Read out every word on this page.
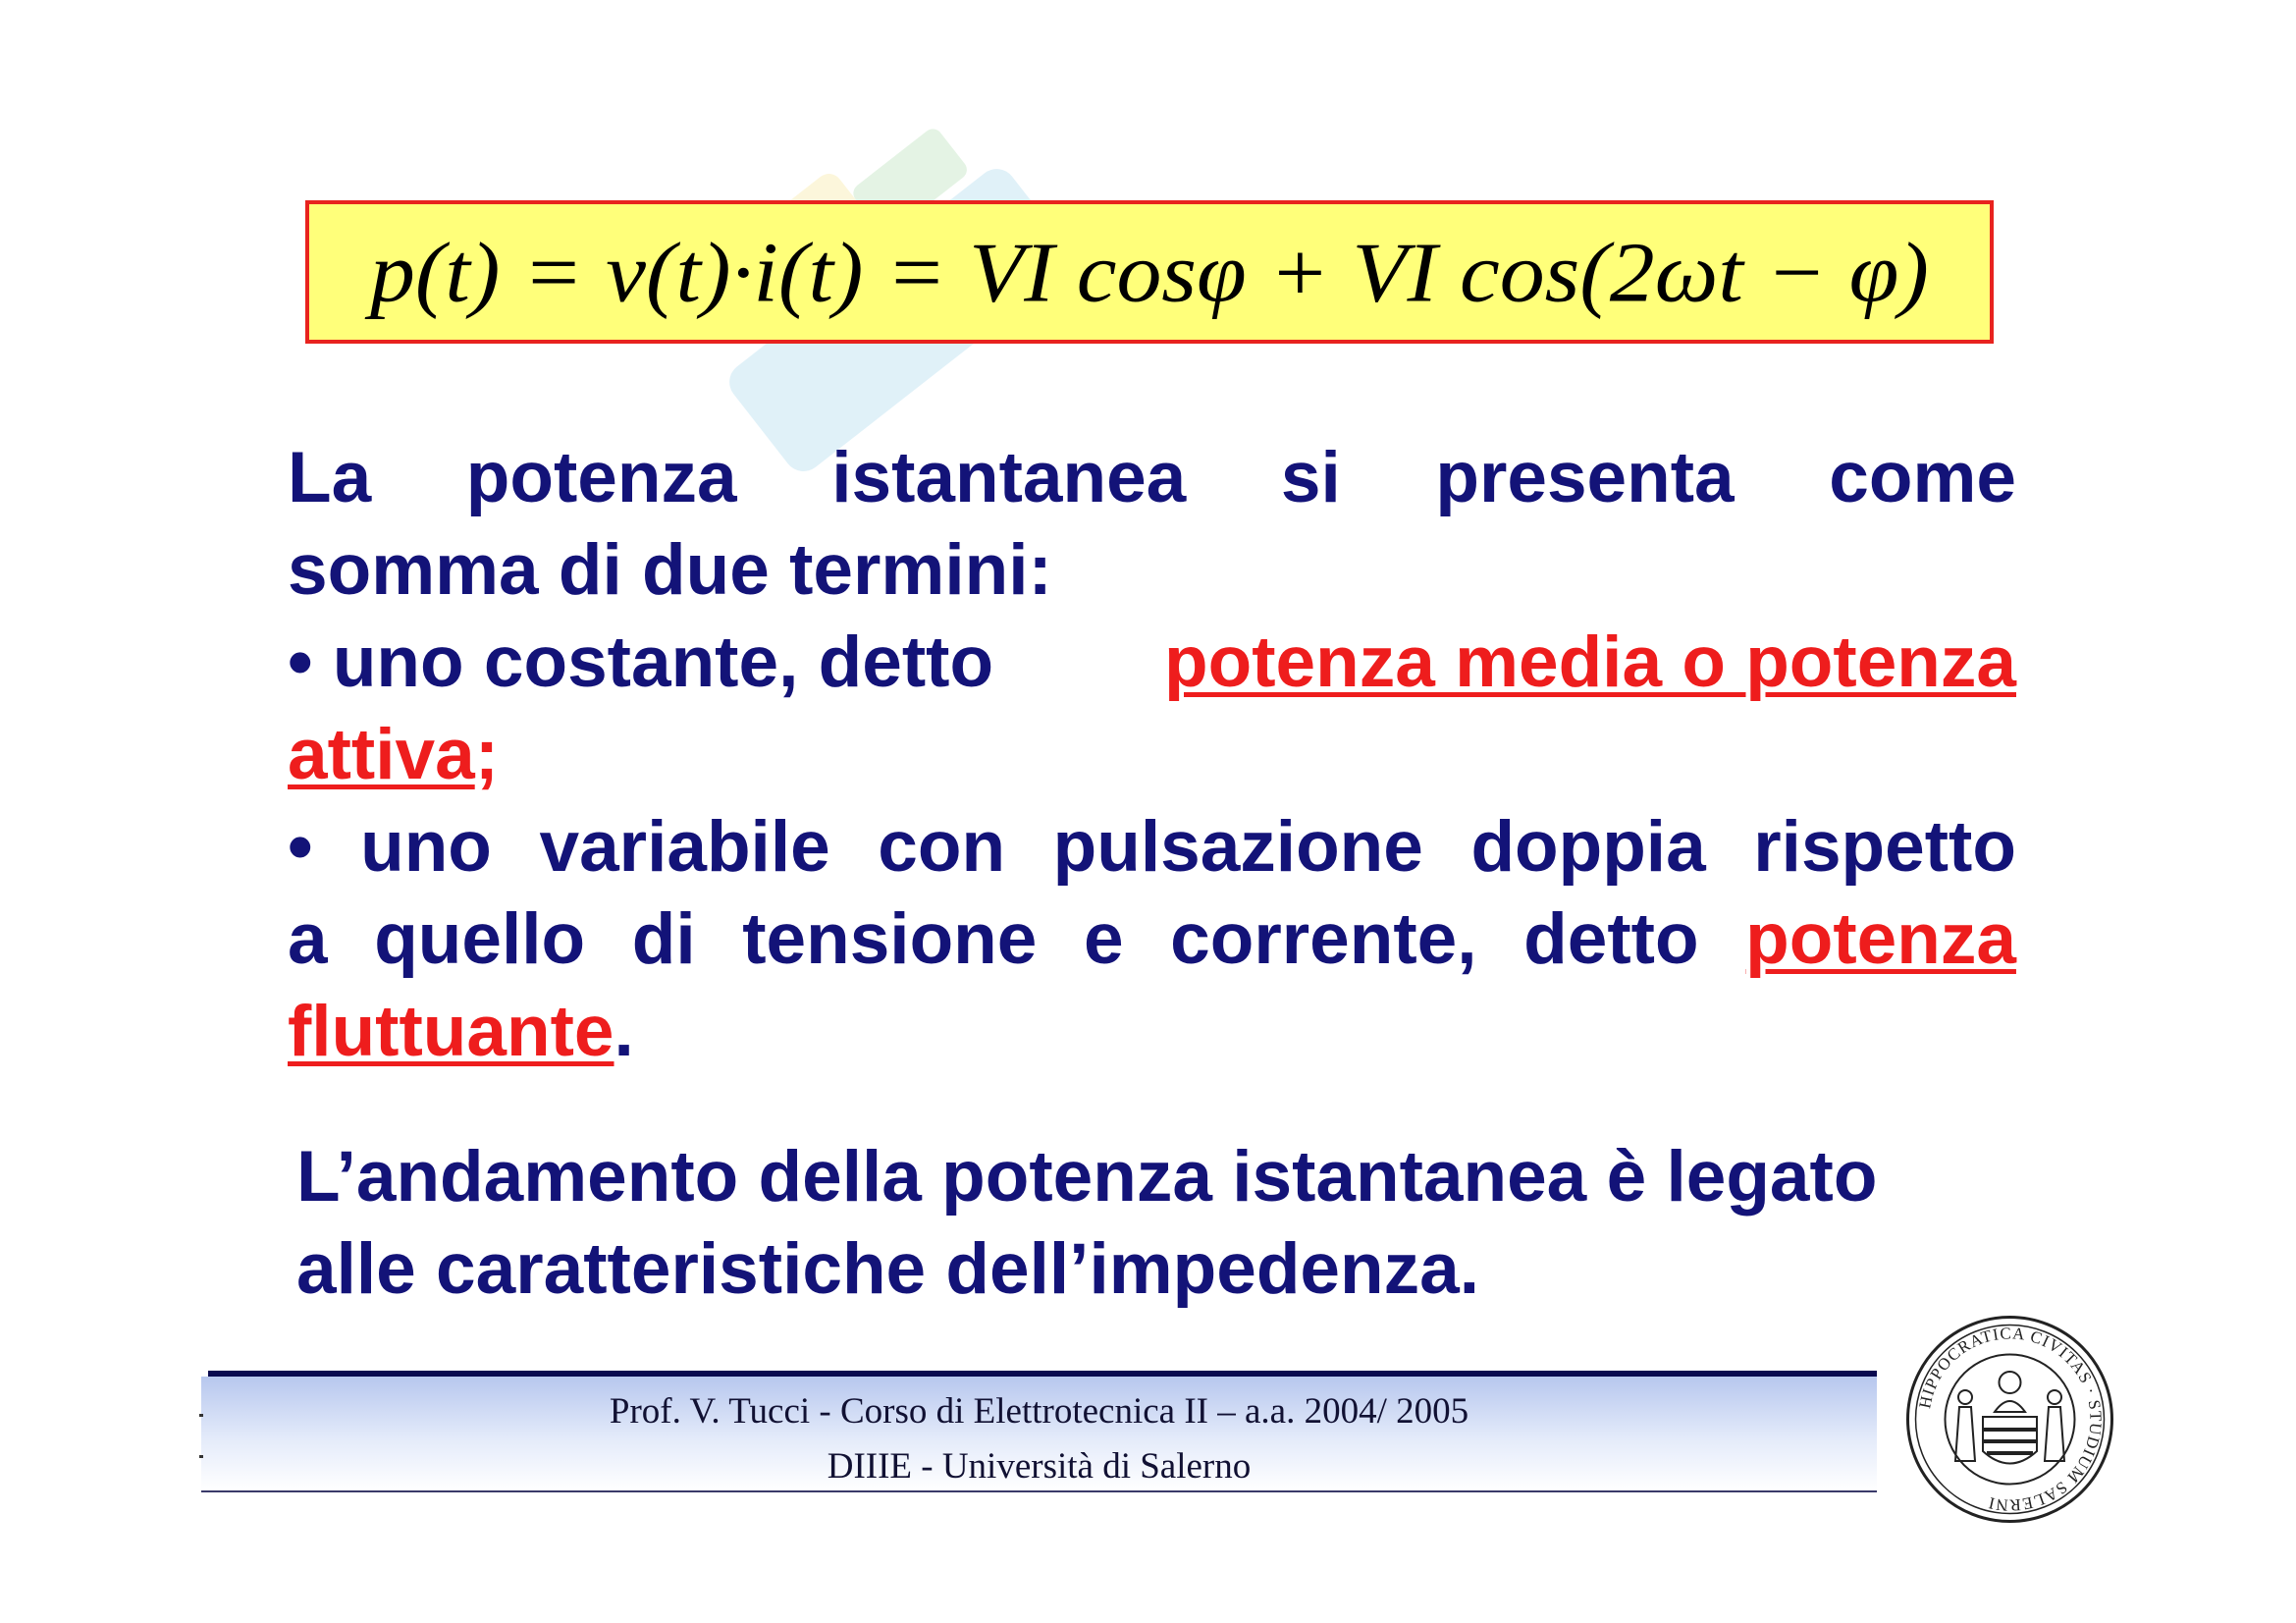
p(t) = v(t)·i(t) = VI cosφ + VI cos(2ωt − φ)
La potenza istantanea si presenta come
somma di due termini:
• uno costante, detto potenza media o potenza
attiva;
• uno variabile con pulsazione doppia rispetto
a quello di tensione e corrente, detto potenza
fluttuante.
L’andamento della potenza istantanea è legato
alle caratteristiche dell’impedenza.
Prof. V. Tucci - Corso di Elettrotecnica II – a.a. 2004/ 2005
DIIIE - Università di Salerno
HIPPOCRATICA CIVITAS · STUDIUM SALERNI
